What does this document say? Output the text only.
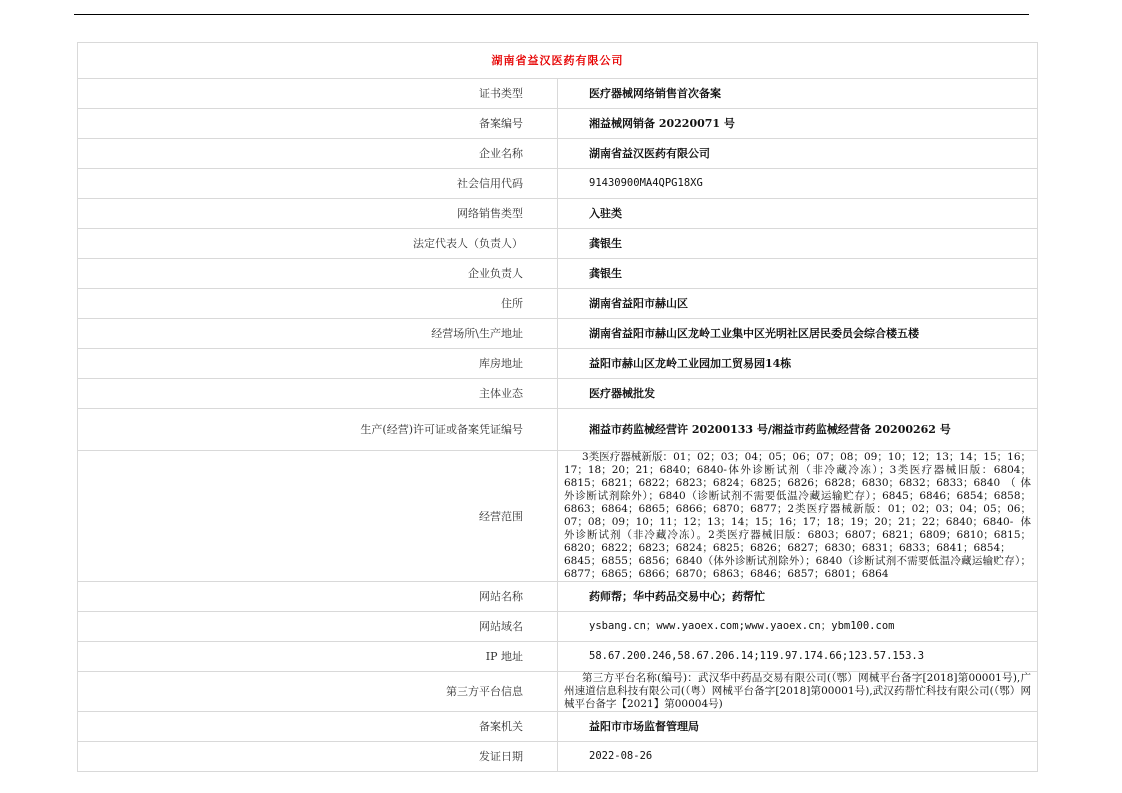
湖南省益汉医药有限公司	
证书类型	医疗器械网络销售首次备案
备案编号	湘益械网销备 20220071 号
企业名称	湖南省益汉医药有限公司
社会信用代码	91430900MA4QPG18XG
网络销售类型	入驻类
法定代表人（负责人）	龚银生
企业负责人	龚银生
住所	湖南省益阳市赫山区
经营场所\生产地址	湖南省益阳市赫山区龙岭工业集中区光明社区居民委员会综合楼五楼
库房地址	益阳市赫山区龙岭工业园加工贸易园14栋
主体业态	医疗器械批发
生产(经营)许可证或备案凭证编号	湘益市药监械经营许 20200133 号/湘益市药监械经营备 20200262 号
经营范围	3类医疗器械新版：01；02；03；04；05；06；07；08；09；10；12；13；14；15；16；17；18；20；21；6840；6840-体外诊断试剂（非冷藏冷冻）；3类医疗器械旧版：6804；6815；6821；6822；6823；6824；6825；6826；6828；6830；6832；6833；6840（体外诊断试剂除外）；6840（诊断试剂不需要低温冷藏运输贮存）；6845；6846；6854；6858；6863；6864；6865；6866；6870；6877；2类医疗器械新版：01；02；03；04；05；06；07；08；09；10；11；12；13；14；15；16；17；18；19；20；21；22；6840；6840-体外诊断试剂（非冷藏冷冻）。2类医疗器械旧版：6803；6807；6821；6809；6810；6815；6820；6822；6823；6824；6825；6826；6827；6830；6831；6833；6841；6854；6845；6855；6856；6840（体外诊断试剂除外）；6840（诊断试剂不需要低温冷藏运输贮存）；6877；6865；6866；6870；6863；6846；6857；6801；6864
网站名称	药师帮；华中药品交易中心；药帮忙
网站域名	ysbang.cn；www.yaoex.com;www.yaoex.cn；ybm100.com
IP 地址	58.67.200.246,58.67.206.14;119.97.174.66;123.57.153.3
第三方平台信息	第三方平台名称(编号)：武汉华中药品交易有限公司(（鄂）网械平台备字[2018]第00001号),广州速道信息科技有限公司(（粤）网械平台备字[2018]第00001号),武汉药帮忙科技有限公司(（鄂）网械平台备字【2021】第00004号)
备案机关	益阳市市场监督管理局
发证日期	2022-08-26
